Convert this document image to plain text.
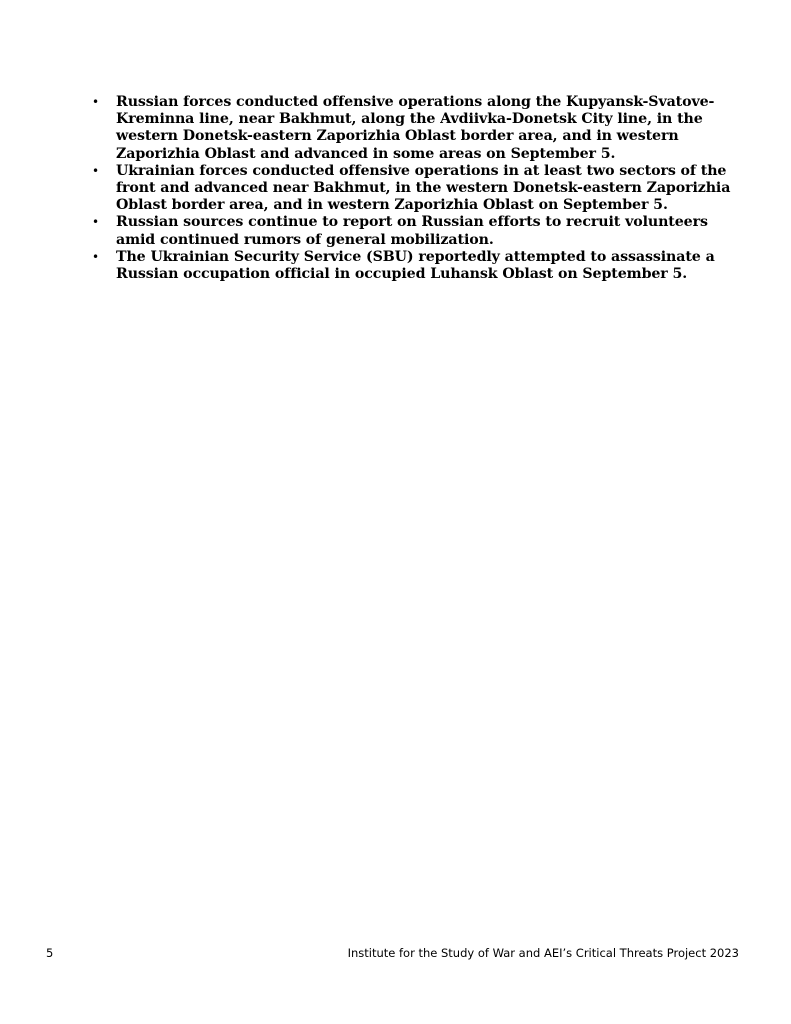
• Russian forces conducted offensive operations along the Kupyansk-Svatove-Kreminna line, near Bakhmut, along the Avdiivka-Donetsk City line, in the western Donetsk-eastern Zaporizhia Oblast border area, and in western Zaporizhia Oblast and advanced in some areas on September 5.
• Ukrainian forces conducted offensive operations in at least two sectors of the front and advanced near Bakhmut, in the western Donetsk-eastern Zaporizhia Oblast border area, and in western Zaporizhia Oblast on September 5.
• Russian sources continue to report on Russian efforts to recruit volunteers amid continued rumors of general mobilization.
• The Ukrainian Security Service (SBU) reportedly attempted to assassinate a Russian occupation official in occupied Luhansk Oblast on September 5.
5	Institute for the Study of War and AEI’s Critical Threats Project 2023
